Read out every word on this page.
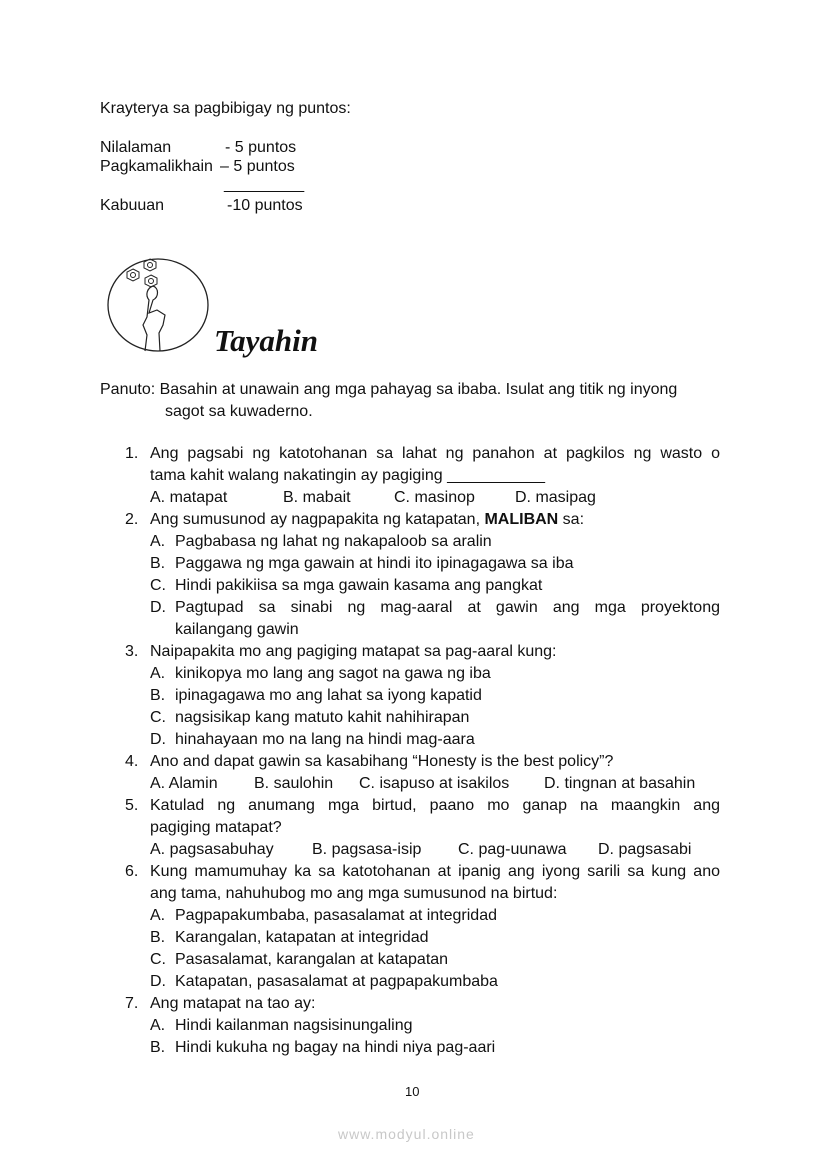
Krayterya sa pagbibigay ng puntos:
Nilalaman	- 5 puntos
Pagkamalikhain – 5 puntos
_________
Kabuuan	-10 puntos
Tayahin
Panuto: Basahin at unawain ang mga pahayag sa ibaba. Isulat ang titik ng inyong
sagot sa kuwaderno.
1. Ang pagsabi ng katotohanan sa lahat ng panahon at pagkilos ng wasto o
tama kahit walang nakatingin ay pagiging ___________
A. matapat	B. mabait	C. masinop	D. masipag
2. Ang sumusunod ay nagpapakita ng katapatan, MALIBAN sa:
A. Pagbabasa ng lahat ng nakapaloob sa aralin
B. Paggawa ng mga gawain at hindi ito ipinagagawa sa iba
C. Hindi pakikiisa sa mga gawain kasama ang pangkat
D. Pagtupad sa sinabi ng mag-aaral at gawin ang mga proyektong
kailangang gawin
3. Naipapakita mo ang pagiging matapat sa pag-aaral kung:
A. kinikopya mo lang ang sagot na gawa ng iba
B. ipinagagawa mo ang lahat sa iyong kapatid
C. nagsisikap kang matuto kahit nahihirapan
D. hinahayaan mo na lang na hindi mag-aara
4. Ano and dapat gawin sa kasabihang “Honesty is the best policy”?
A. Alamin B. saulohin C. isapuso at isakilos D. tingnan at basahin
5. Katulad ng anumang mga birtud, paano mo ganap na maangkin ang
pagiging matapat?
A. pagsasabuhay B. pagsasa-isip C. pag-uunawa D. pagsasabi
6. Kung mamumuhay ka sa katotohanan at ipanig ang iyong sarili sa kung ano
ang tama, nahuhubog mo ang mga sumusunod na birtud:
A. Pagpapakumbaba, pasasalamat at integridad
B. Karangalan, katapatan at integridad
C. Pasasalamat, karangalan at katapatan
D. Katapatan, pasasalamat at pagpapakumbaba
7. Ang matapat na tao ay:
A. Hindi kailanman nagsisinungaling
B. Hindi kukuha ng bagay na hindi niya pag-aari
10
www.modyul.online
